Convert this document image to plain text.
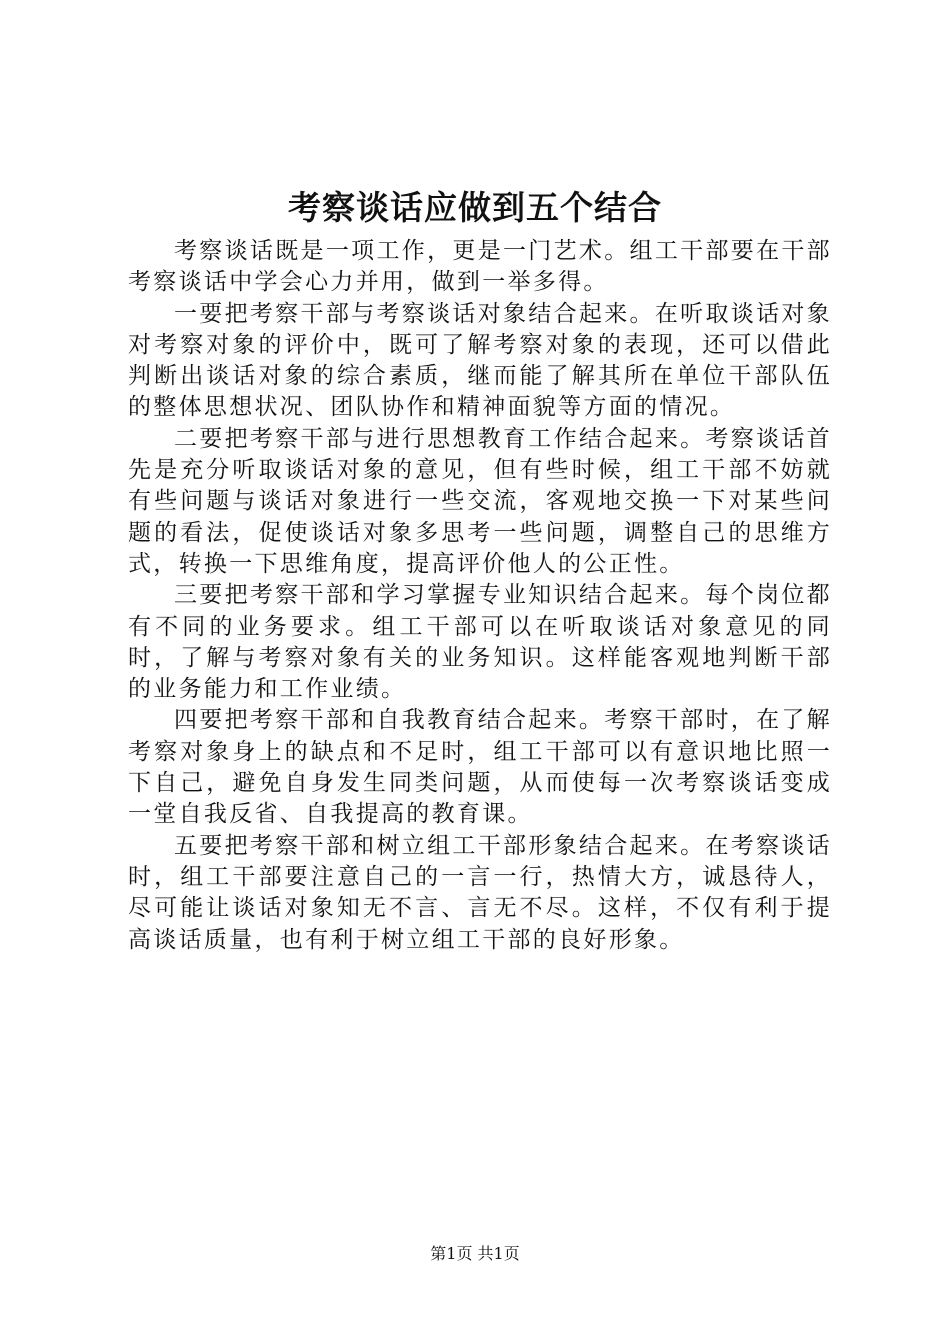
考察谈话应做到五个结合

考察谈话既是一项工作，更是一门艺术。组工干部要在干部考察谈话中学会心力并用，做到一举多得。

一要把考察干部与考察谈话对象结合起来。在听取谈话对象对考察对象的评价中，既可了解考察对象的表现，还可以借此判断出谈话对象的综合素质，继而能了解其所在单位干部队伍的整体思想状况、团队协作和精神面貌等方面的情况。

二要把考察干部与进行思想教育工作结合起来。考察谈话首先是充分听取谈话对象的意见，但有些时候，组工干部不妨就有些问题与谈话对象进行一些交流，客观地交换一下对某些问题的看法，促使谈话对象多思考一些问题，调整自己的思维方式，转换一下思维角度，提高评价他人的公正性。

三要把考察干部和学习掌握专业知识结合起来。每个岗位都有不同的业务要求。组工干部可以在听取谈话对象意见的同时，了解与考察对象有关的业务知识。这样能客观地判断干部的业务能力和工作业绩。

四要把考察干部和自我教育结合起来。考察干部时，在了解考察对象身上的缺点和不足时，组工干部可以有意识地比照一下自己，避免自身发生同类问题，从而使每一次考察谈话变成一堂自我反省、自我提高的教育课。

五要把考察干部和树立组工干部形象结合起来。在考察谈话时，组工干部要注意自己的一言一行，热情大方，诚恳待人，尽可能让谈话对象知无不言、言无不尽。这样，不仅有利于提高谈话质量，也有利于树立组工干部的良好形象。

第1页 共1页
